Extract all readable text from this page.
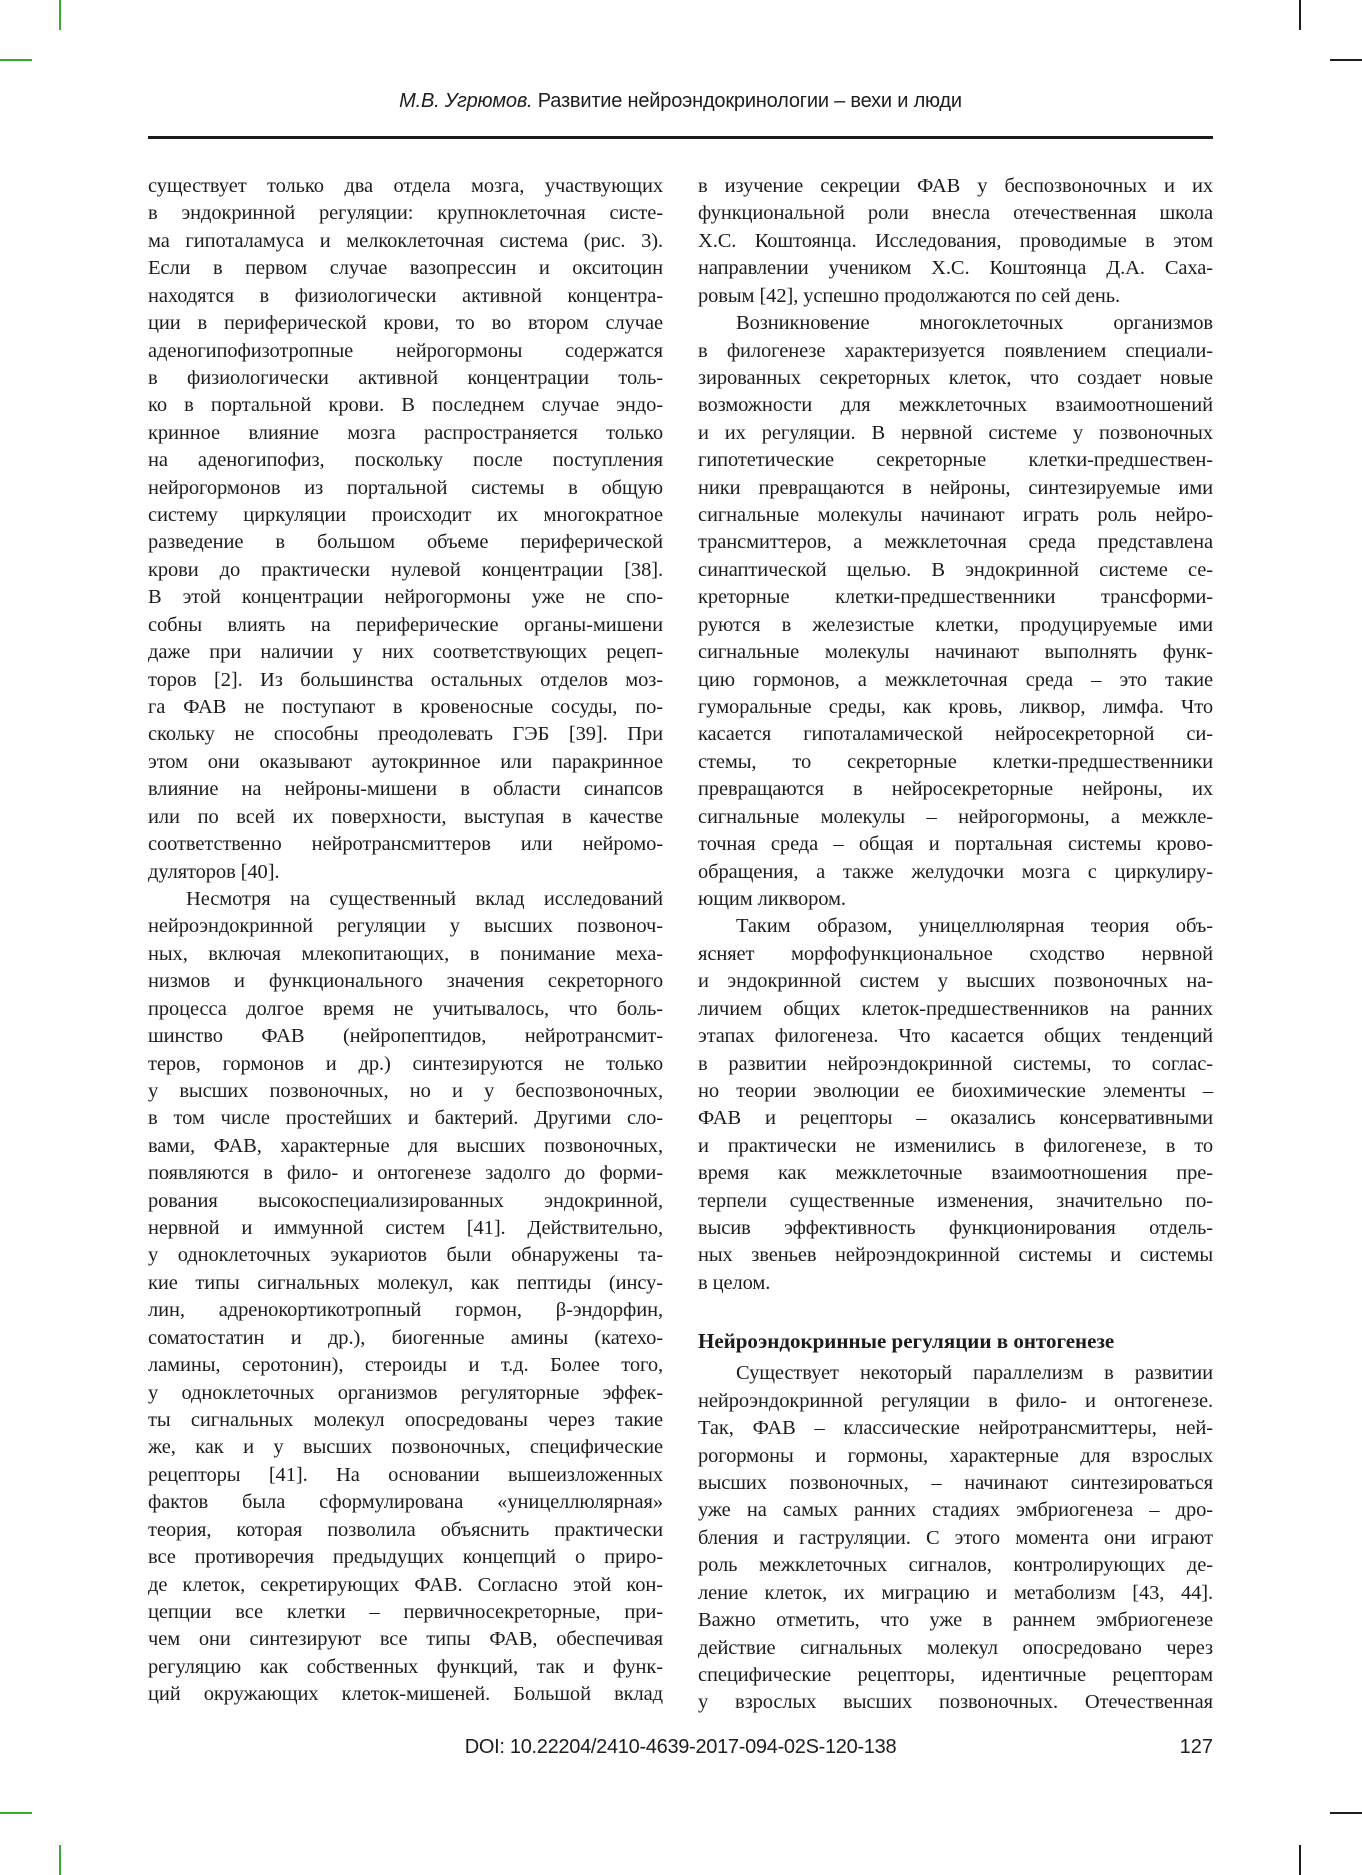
М.В. Угрюмов. Развитие нейроэндокринологии – вехи и люди
существует только два отдела мозга, участвующих
в эндокринной регуляции: крупноклеточная систе-
ма гипоталамуса и мелкоклеточная система (рис. 3).
Если в первом случае вазопрессин и окситоцин
находятся в физиологически активной концентра-
ции в периферической крови, то во втором случае
аденогипофизотропные нейрогормоны содержатся
в физиологически активной концентрации толь-
ко в портальной крови. В последнем случае эндо-
кринное влияние мозга распространяется только
на аденогипофиз, поскольку после поступления
нейрогормонов из портальной системы в общую
систему циркуляции происходит их многократное
разведение в большом объеме периферической
крови до практически нулевой концентрации [38].
В этой концентрации нейрогормоны уже не спо-
собны влиять на периферические органы-мишени
даже при наличии у них соответствующих рецеп-
торов [2]. Из большинства остальных отделов моз-
га ФАВ не поступают в кровеносные сосуды, по-
скольку не способны преодолевать ГЭБ [39]. При
этом они оказывают аутокринное или паракринное
влияние на нейроны-мишени в области синапсов
или по всей их поверхности, выступая в качестве
соответственно нейротрансмиттеров или нейромо-
дуляторов [40].
Несмотря на существенный вклад исследований
нейроэндокринной регуляции у высших позвоноч-
ных, включая млекопитающих, в понимание меха-
низмов и функционального значения секреторного
процесса долгое время не учитывалось, что боль-
шинство ФАВ (нейропептидов, нейротрансмит-
теров, гормонов и др.) синтезируются не только
у высших позвоночных, но и у беспозвоночных,
в том числе простейших и бактерий. Другими сло-
вами, ФАВ, характерные для высших позвоночных,
появляются в фило- и онтогенезе задолго до форми-
рования высокоспециализированных эндокринной,
нервной и иммунной систем [41]. Действительно,
у одноклеточных эукариотов были обнаружены та-
кие типы сигнальных молекул, как пептиды (инсу-
лин, адренокортикотропный гормон, β-эндорфин,
соматостатин и др.), биогенные амины (катехо-
ламины, серотонин), стероиды и т.д. Более того,
у одноклеточных организмов регуляторные эффек-
ты сигнальных молекул опосредованы через такие
же, как и у высших позвоночных, специфические
рецепторы [41]. На основании вышеизложенных
фактов была сформулирована «уницеллюлярная»
теория, которая позволила объяснить практически
все противоречия предыдущих концепций о приро-
де клеток, секретирующих ФАВ. Согласно этой кон-
цепции все клетки – первичносекреторные, при-
чем они синтезируют все типы ФАВ, обеспечивая
регуляцию как собственных функций, так и функ-
ций окружающих клеток-мишеней. Большой вклад
в изучение секреции ФАВ у беспозвоночных и их
функциональной роли внесла отечественная школа
Х.С. Коштоянца. Исследования, проводимые в этом
направлении учеником Х.С. Коштоянца Д.А. Саха-
ровым [42], успешно продолжаются по сей день.
Возникновение многоклеточных организмов
в филогенезе характеризуется появлением специали-
зированных секреторных клеток, что создает новые
возможности для межклеточных взаимоотношений
и их регуляции. В нервной системе у позвоночных
гипотетические секреторные клетки-предшествен-
ники превращаются в нейроны, синтезируемые ими
сигнальные молекулы начинают играть роль нейро-
трансмиттеров, а межклеточная среда представлена
синаптической щелью. В эндокринной системе се-
креторные клетки-предшественники трансформи-
руются в железистые клетки, продуцируемые ими
сигнальные молекулы начинают выполнять функ-
цию гормонов, а межклеточная среда – это такие
гуморальные среды, как кровь, ликвор, лимфа. Что
касается гипоталамической нейросекреторной си-
стемы, то секреторные клетки-предшественники
превращаются в нейросекреторные нейроны, их
сигнальные молекулы – нейрогормоны, а межкле-
точная среда – общая и портальная системы крово-
обращения, а также желудочки мозга с циркулиру-
ющим ликвором.
Таким образом, уницеллюлярная теория объ-
ясняет морфофункциональное сходство нервной
и эндокринной систем у высших позвоночных на-
личием общих клеток-предшественников на ранних
этапах филогенеза. Что касается общих тенденций
в развитии нейроэндокринной системы, то соглас-
но теории эволюции ее биохимические элементы –
ФАВ и рецепторы – оказались консервативными
и практически не изменились в филогенезе, в то
время как межклеточные взаимоотношения пре-
терпели существенные изменения, значительно по-
высив эффективность функционирования отдель-
ных звеньев нейроэндокринной системы и системы
в целом.
Нейроэндокринные регуляции в онтогенезе
Существует некоторый параллелизм в развитии
нейроэндокринной регуляции в фило- и онтогенезе.
Так, ФАВ – классические нейротрансмиттеры, ней-
рогормоны и гормоны, характерные для взрослых
высших позвоночных, – начинают синтезироваться
уже на самых ранних стадиях эмбриогенеза – дро-
бления и гаструляции. С этого момента они играют
роль межклеточных сигналов, контролирующих де-
ление клеток, их миграцию и метаболизм [43, 44].
Важно отметить, что уже в раннем эмбриогенезе
действие сигнальных молекул опосредовано через
специфические рецепторы, идентичные рецепторам
у взрослых высших позвоночных. Отечественная
DOI: 10.22204/2410-4639-2017-094-02S-120-138	127
